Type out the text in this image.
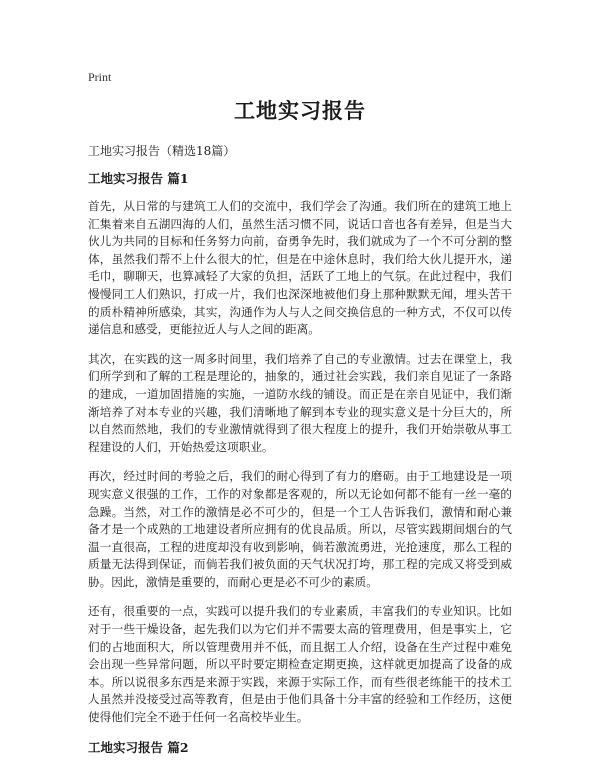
Print
工地实习报告
工地实习报告（精选18篇）
工地实习报告 篇1

首先，从日常的与建筑工人们的交流中，我们学会了沟通。我们所在的建筑工地上汇集着来自五湖四海的人们，虽然生活习惯不同，说话口音也各有差异，但是当大伙儿为共同的目标和任务努力向前，奋勇争先时，我们就成为了一个不可分割的整体，虽然我们帮不上什么很大的忙，但是在中途休息时，我们给大伙儿提开水，递毛巾，聊聊天，也算减轻了大家的负担，活跃了工地上的气氛。在此过程中，我们慢慢同工人们熟识，打成一片，我们也深深地被他们身上那种默默无闻，埋头苦干的质朴精神所感染，其实，沟通作为人与人之间交换信息的一种方式，不仅可以传递信息和感受，更能拉近人与人之间的距离。

其次，在实践的这一周多时间里，我们培养了自己的专业激情。过去在课堂上，我们所学到和了解的工程是理论的，抽象的，通过社会实践，我们亲自见证了一条路的建成，一道加固措施的实施，一道防水线的铺设。而正是在亲自见证中，我们渐渐培养了对本专业的兴趣，我们清晰地了解到本专业的现实意义是十分巨大的，所以自然而然地，我们的专业激情就得到了很大程度上的提升，我们开始崇敬从事工程建设的人们，开始热爱这项职业。

再次，经过时间的考验之后，我们的耐心得到了有力的磨砺。由于工地建设是一项现实意义很强的工作，工作的对象都是客观的，所以无论如何都不能有一丝一毫的急躁。当然，对工作的激情是必不可少的，但是一个工人告诉我们，激情和耐心兼备才是一个成熟的工地建设者所应拥有的优良品质。所以，尽管实践期间烟台的气温一直很高，工程的进度却没有收到影响，倘若激流勇进，光抢速度，那么工程的质量无法得到保证，而倘若我们被负面的天气状况打垮，那工程的完成又将受到威胁。因此，激情是重要的，而耐心更是必不可少的素质。

还有，很重要的一点，实践可以提升我们的专业素质，丰富我们的专业知识。比如对于一些干燥设备，起先我们以为它们并不需要太高的管理费用，但是事实上，它们的占地面积大，所以管理费用并不低，而且据工人介绍，设备在生产过程中难免会出现一些异常问题，所以平时要定期检查定期更换，这样就更加提高了设备的成本。所以说很多东西是来源于实践，来源于实际工作，而有些很老练能干的技术工人虽然并没接受过高等教育，但是由于他们具备十分丰富的经验和工作经历，这便使得他们完全不逊于任何一名高校毕业生。

工地实习报告 篇2
